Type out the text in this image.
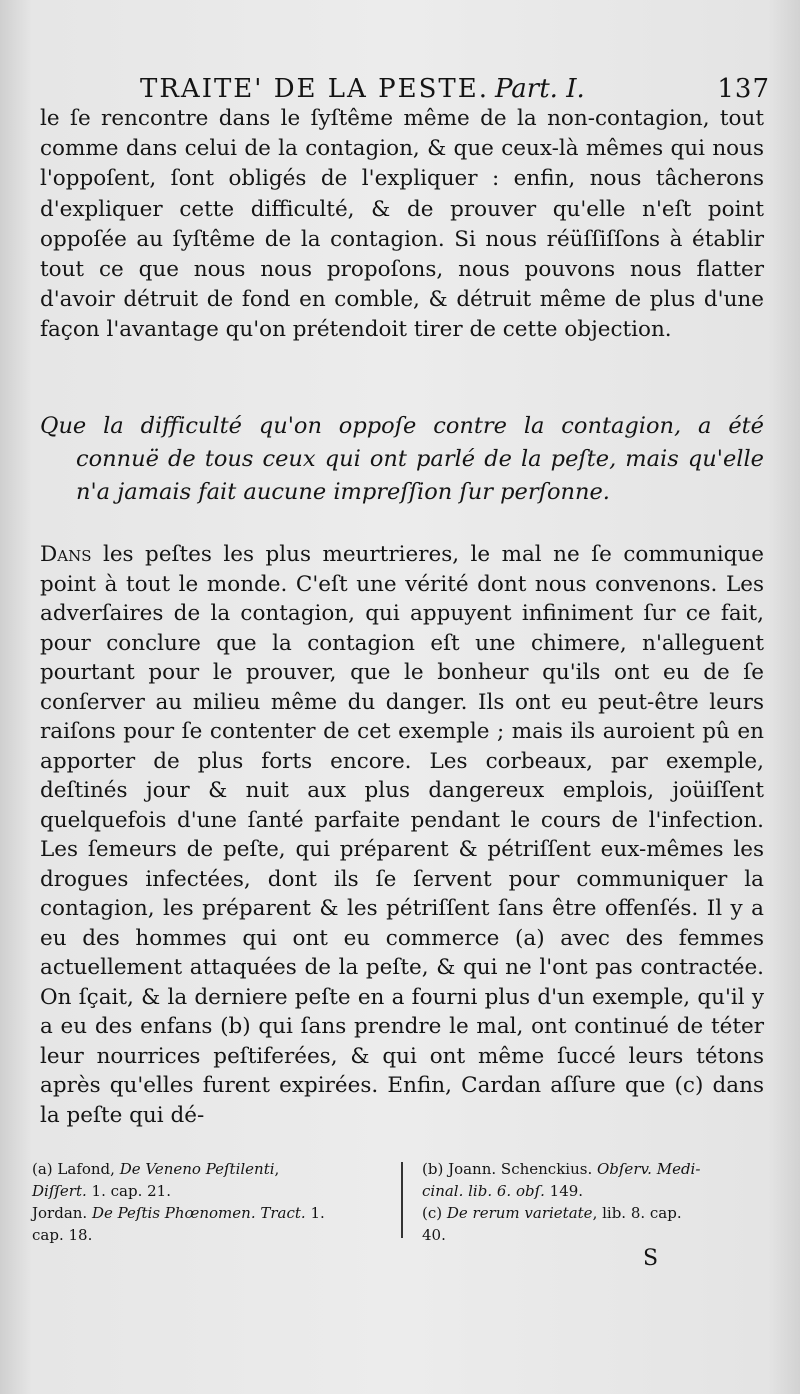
TRAITE' DE LA PESTE. Part. I.	137
le ſe rencontre dans le ſyſtême même de la non-contagion, tout comme dans celui de la contagion, & que ceux-là mêmes qui nous l'oppoſent, ſont obligés de l'expliquer : enfin, nous tâcherons d'expliquer cette difficulté, & de prouver qu'elle n'eſt point oppoſée au ſyſtême de la contagion. Si nous réüſſiſſons à établir tout ce que nous nous propoſons, nous pouvons nous flatter d'avoir détruit de fond en comble, & détruit même de plus d'une façon l'avantage qu'on prétendoit tirer de cette objection.
Que la difficulté qu'on oppoſe contre la contagion, a été connuë de tous ceux qui ont parlé de la peſte, mais qu'elle n'a jamais fait aucune impreſſion ſur perſonne.
Dans les peſtes les plus meurtrieres, le mal ne ſe communique point à tout le monde. C'eſt une vérité dont nous convenons. Les adverſaires de la contagion, qui appuyent infiniment ſur ce fait, pour conclure que la contagion eſt une chimere, n'alleguent pourtant pour le prouver, que le bonheur qu'ils ont eu de ſe conſerver au milieu même du danger. Ils ont eu peut-être leurs raiſons pour ſe contenter de cet exemple ; mais ils auroient pû en apporter de plus forts encore. Les corbeaux, par exemple, deſtinés jour & nuit aux plus dangereux emplois, joüiſſent quelquefois d'une ſanté parfaite pendant le cours de l'infection. Les ſemeurs de peſte, qui préparent & pétriſſent eux-mêmes les drogues infectées, dont ils ſe ſervent pour communiquer la contagion, les préparent & les pétriſſent ſans être offenſés. Il y a eu des hommes qui ont eu commerce (a) avec des femmes actuellement attaquées de la peſte, & qui ne l'ont pas contractée. On ſçait, & la derniere peſte en a fourni plus d'un exemple, qu'il y a eu des enfans (b) qui ſans prendre le mal, ont continué de téter leur nourrices peſtiferées, & qui ont même ſuccé leurs tétons après qu'elles furent expirées. Enfin, Cardan aſſure que (c) dans la peſte qui dé-
(a) Lafond, De Veneno Peſtilenti,
Diſſert. 1. cap. 21.
Jordan. De Peſtis Phœnomen. Tract. 1.
cap. 18.
(b) Joann. Schenckius. Obſerv. Medi-
cinal. lib. 6. obſ. 149.
(c) De rerum varietate, lib. 8. cap.
40.
S
